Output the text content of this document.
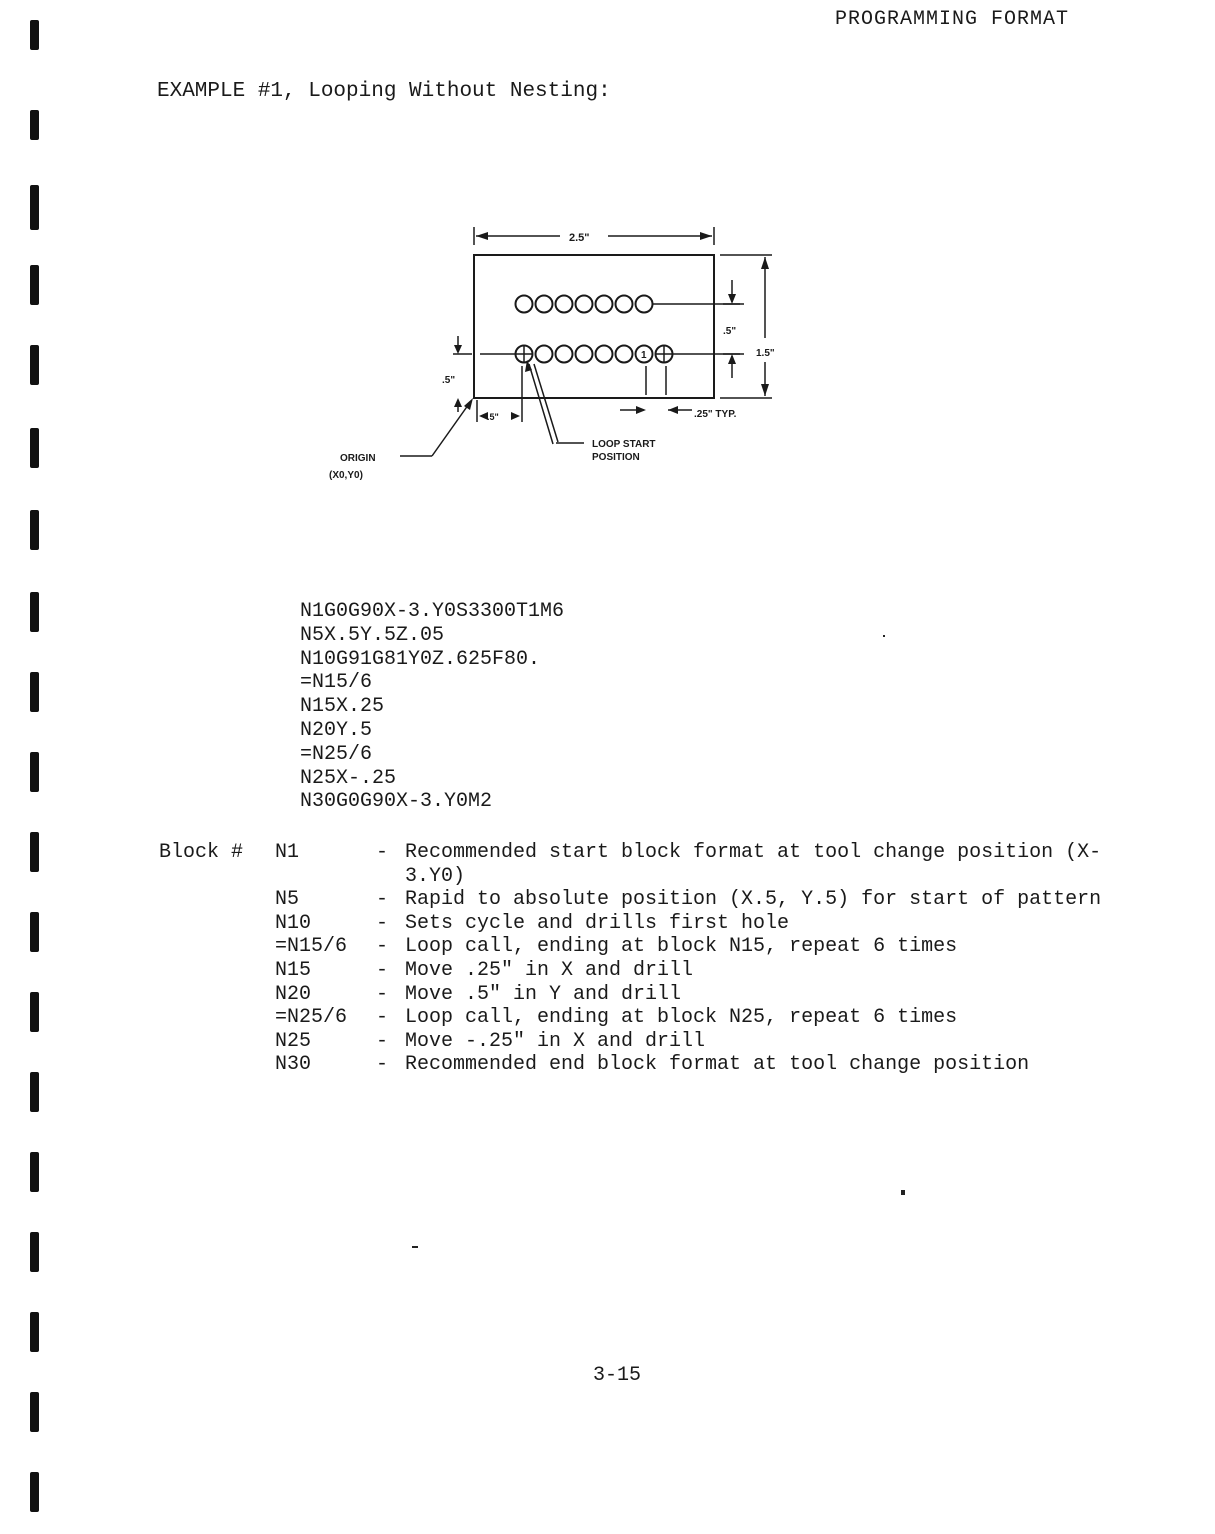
PROGRAMMING FORMAT
EXAMPLE #1, Looping Without Nesting:
2.5"
1
.5"
1.5"
.5"
.5"	.25" TYP.
ORIGIN
(X0,Y0)
LOOP START
POSITION
N1G0G90X-3.Y0S3300T1M6
N5X.5Y.5Z.05
N10G91G81Y0Z.625F80.
=N15/6
N15X.25
N20Y.5
=N25/6
N25X-.25
N30G0G90X-3.Y0M2
Block # N1	- Recommended start block format at tool change position (X-3.Y0)
N5	- Rapid to absolute position (X.5, Y.5) for start of pattern
N10	- Sets cycle and drills first hole
=N15/6 - Loop call, ending at block N15, repeat 6 times
N15	- Move .25" in X and drill
N20	- Move .5" in Y and drill
=N25/6 - Loop call, ending at block N25, repeat 6 times
N25	- Move -.25" in X and drill
N30	- Recommended end block format at tool change position
3-15
